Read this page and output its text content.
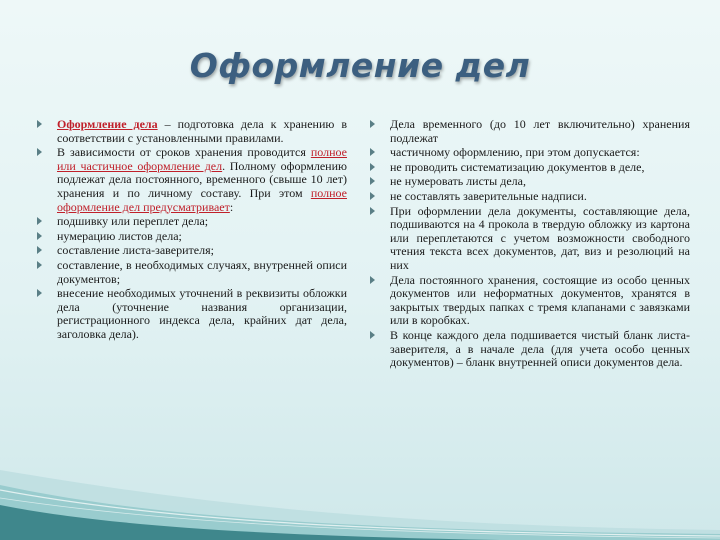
Оформление дел
Оформление дела – подготовка дела к хранению в соответствии с установленными правилами.
В зависимости от сроков хранения проводится полное или частичное оформление дел. Полному оформлению подлежат дела постоянного, временного (свыше 10 лет) хранения и по личному составу. При этом полное оформление дел предусматривает:
подшивку или переплет дела;
нумерацию листов дела;
составление листа-заверителя;
составление, в необходимых случаях, внутренней описи документов;
внесение необходимых уточнений в реквизиты обложки дела (уточнение названия организации, регистрационного индекса дела, крайних дат дела, заголовка дела).
Дела временного (до 10 лет включительно) хранения подлежат
частичному оформлению, при этом допускается:
не проводить систематизацию документов в деле,
не нумеровать листы дела,
не составлять заверительные надписи.
При оформлении дела документы, составляющие дела, подшиваются на 4 прокола в твердую обложку из картона или переплетаются с учетом возможности свободного чтения текста всех документов, дат, виз и резолюций на них
Дела постоянного хранения, состоящие из особо ценных документов или неформатных документов, хранятся в закрытых твердых папках с тремя клапанами с завязками или в коробках.
В конце каждого дела подшивается чистый бланк листа-заверителя, а в начале дела (для учета особо ценных документов) – бланк внутренней описи документов дела.
